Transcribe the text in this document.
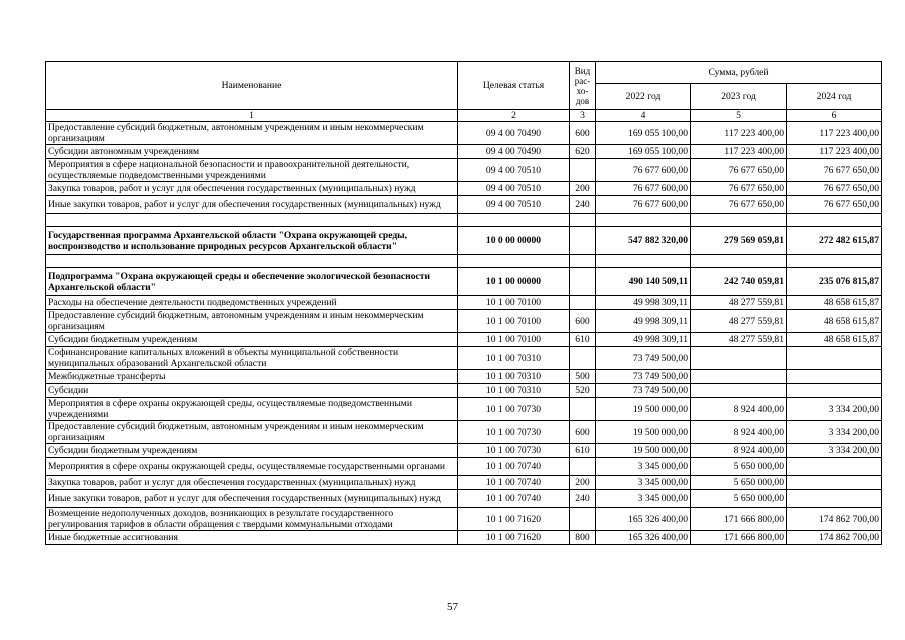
Наименование	Целевая статья	Вид рас- хо- дов	Сумма, рублей		
			2022 год	2023 год	2024 год
1	2	3	4	5	6
Предоставление субсидий бюджетным, автономным учреждениям и иным некоммерческим организациям	09 4 00 70490	600	169 055 100,00	117 223 400,00	117 223 400,00
Субсидии автономным учреждениям	09 4 00 70490	620	169 055 100,00	117 223 400,00	117 223 400,00
Мероприятия в сфере национальной безопасности и правоохранительной деятельности, осуществляемые подведомственными учреждениями	09 4 00 70510		76 677 600,00	76 677 650,00	76 677 650,00
Закупка товаров, работ и услуг для обеспечения государственных (муниципальных) нужд	09 4 00 70510	200	76 677 600,00	76 677 650,00	76 677 650,00
Иные закупки товаров, работ и услуг для обеспечения государственных (муниципальных) нужд	09 4 00 70510	240	76 677 600,00	76 677 650,00	76 677 650,00

Государственная программа Архангельской области "Охрана окружающей среды, воспроизводство и использование природных ресурсов Архангельской области"	10 0 00 00000		547 882 320,00	279 569 059,81	272 482 615,87

Подпрограмма "Охрана окружающей среды и обеспечение экологической безопасности Архангельской области"	10 1 00 00000		490 140 509,11	242 740 059,81	235 076 815,87
Расходы на обеспечение деятельности подведомственных учреждений	10 1 00 70100		49 998 309,11	48 277 559,81	48 658 615,87
Предоставление субсидий бюджетным, автономным учреждениям и иным некоммерческим организациям	10 1 00 70100	600	49 998 309,11	48 277 559,81	48 658 615,87
Субсидии бюджетным учреждениям	10 1 00 70100	610	49 998 309,11	48 277 559,81	48 658 615,87
Софинансирование капитальных вложений в объекты муниципальной собственности муниципальных образований Архангельской области	10 1 00 70310		73 749 500,00		
Межбюджетные трансферты	10 1 00 70310	500	73 749 500,00		
Субсидии	10 1 00 70310	520	73 749 500,00		
Мероприятия в сфере охраны окружающей среды, осуществляемые подведомственными учреждениями	10 1 00 70730		19 500 000,00	8 924 400,00	3 334 200,00
Предоставление субсидий бюджетным, автономным учреждениям и иным некоммерческим организациям	10 1 00 70730	600	19 500 000,00	8 924 400,00	3 334 200,00
Субсидии бюджетным учреждениям	10 1 00 70730	610	19 500 000,00	8 924 400,00	3 334 200,00
Мероприятия в сфере охраны окружающей среды, осуществляемые государственными органами	10 1 00 70740		3 345 000,00	5 650 000,00	
Закупка товаров, работ и услуг для обеспечения государственных (муниципальных) нужд	10 1 00 70740	200	3 345 000,00	5 650 000,00	
Иные закупки товаров, работ и услуг для обеспечения государственных (муниципальных) нужд	10 1 00 70740	240	3 345 000,00	5 650 000,00	
Возмещение недополученных доходов, возникающих в результате государственного регулирования тарифов в области обращения с твердыми коммунальными отходами	10 1 00 71620		165 326 400,00	171 666 800,00	174 862 700,00
Иные бюджетные ассигнования	10 1 00 71620	800	165 326 400,00	171 666 800,00	174 862 700,00
57
